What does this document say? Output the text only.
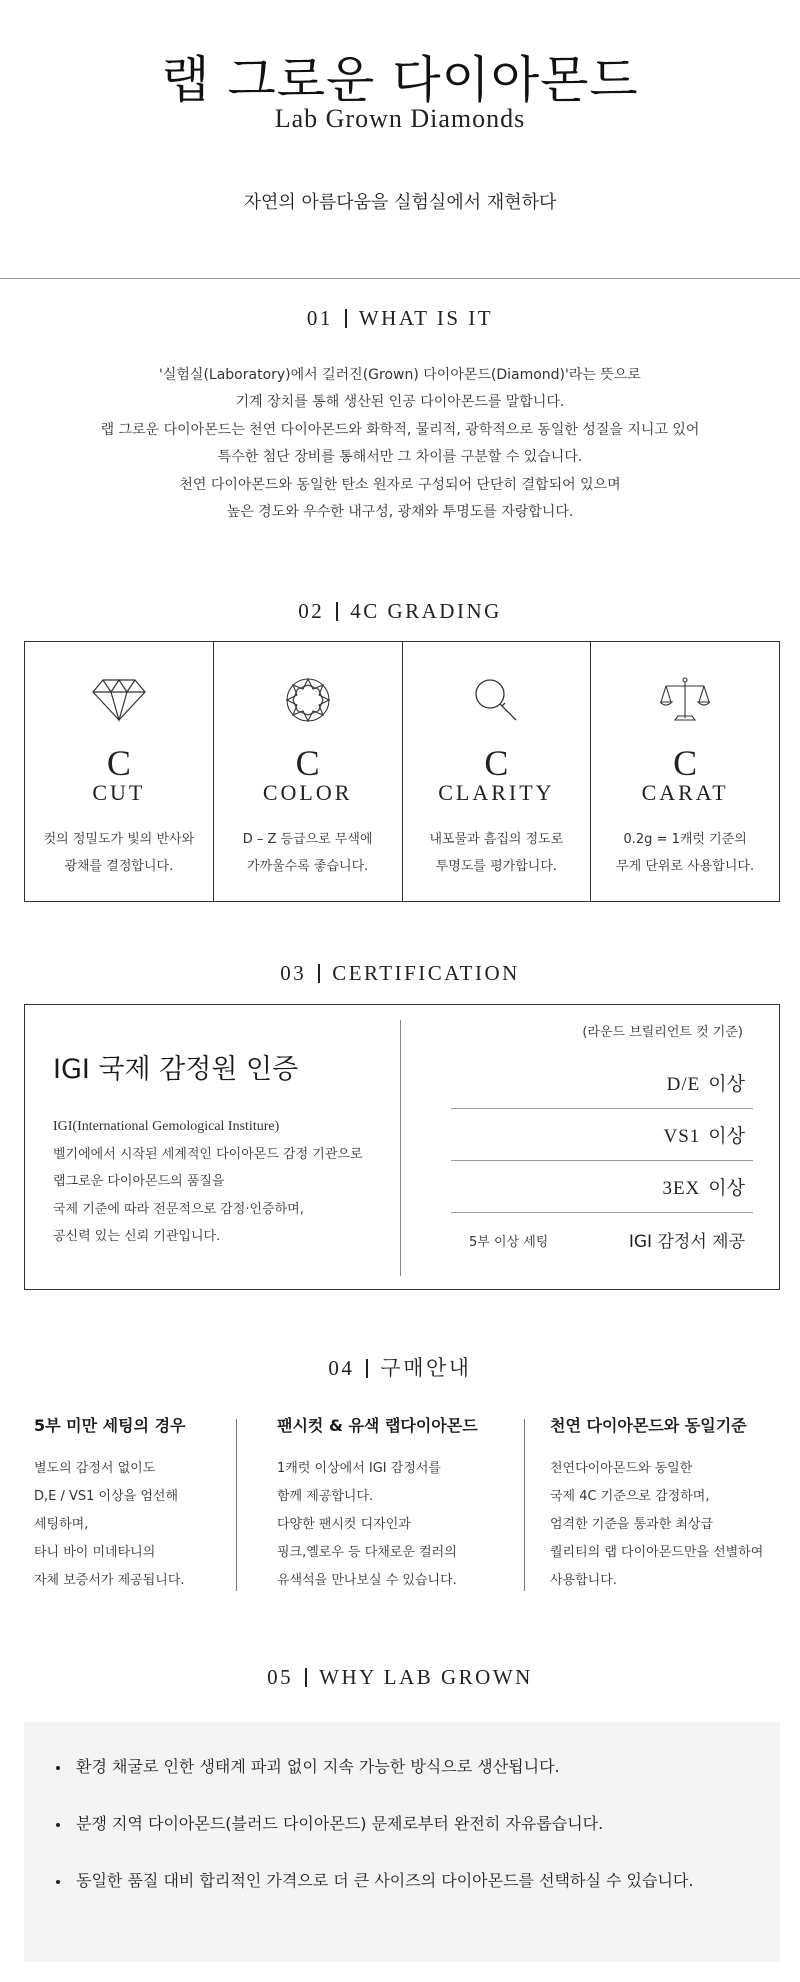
랩 그로운 다이아몬드
Lab Grown Diamonds
자연의 아름다움을 실험실에서 재현하다
01 WHAT IS IT

'실험실(Laboratory)에서 길러진(Grown) 다이아몬드(Diamond)'라는 뜻으로

기계 장치를 통해 생산된 인공 다이아몬드를 말합니다.

랩 그로운 다이아몬드는 천연 다이아몬드와 화학적, 물리적, 광학적으로 동일한 성질을 지니고 있어

특수한 첨단 장비를 통해서만 그 차이를 구분할 수 있습니다.

천연 다이아몬드와 동일한 탄소 원자로 구성되어 단단히 결합되어 있으며

높은 경도와 우수한 내구성, 광채와 투명도를 자랑합니다.

02 4C GRADING
C
CUT
컷의 정밀도가 빛의 반사와
광채를 결정합니다.
C
COLOR
D – Z 등급으로 무색에
가까울수록 좋습니다.
C
CLARITY
내포물과 흠집의 정도로
투명도를 평가합니다.
C
CARAT
0.2g = 1캐럿 기준의
무게 단위로 사용합니다.
03 CERTIFICATION
IGI 국제 감정원 인증

IGI(International Gemological Institure)

벨기에에서 시작된 세계적인 다이아몬드 감정 기관으로

랩그로운 다이아몬드의 품질을

국제 기준에 따라 전문적으로 감정·인증하며,

공신력 있는 신뢰 기관입니다.

(라운드 브릴리언트 컷 기준)
D/E 이상
VS1 이상
3EX 이상
5부 이상 세팅	IGI 감정서 제공
04 구매안내
5부 미만 세팅의 경우

별도의 감정서 없이도

D,E / VS1 이상을 엄선해

세팅하며,

타니 바이 미네타니의

자체 보증서가 제공됩니다.

팬시컷 & 유색 랩다이아몬드

1캐럿 이상에서 IGI 감정서를

함께 제공합니다.

다양한 팬시컷 디자인과

핑크,옐로우 등 다채로운 컬러의

유색석을 만나보실 수 있습니다.

천연 다이아몬드와 동일기준

천연다이아몬드와 동일한

국제 4C 기준으로 감정하며,

엄격한 기준을 통과한 최상급

퀄리티의 랩 다이아몬드만을 선별하여

사용합니다.

05 WHY LAB GROWN
환경 채굴로 인한 생태계 파괴 없이 지속 가능한 방식으로 생산됩니다.
분쟁 지역 다이아몬드(블러드 다이아몬드) 문제로부터 완전히 자유롭습니다.
동일한 품질 대비 합리적인 가격으로 더 큰 사이즈의 다이아몬드를 선택하실 수 있습니다.
